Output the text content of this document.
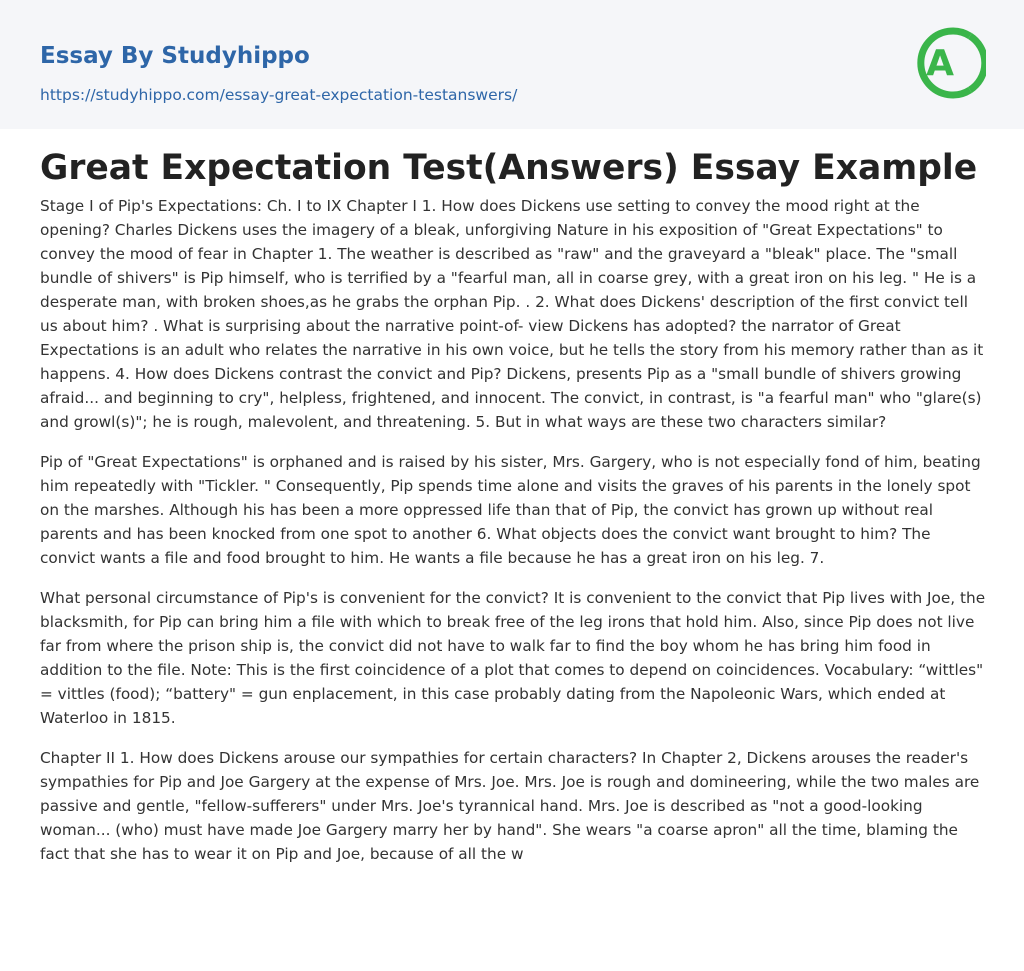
Essay By Studyhippo
https://studyhippo.com/essay-great-expectation-testanswers/
A
Great Expectation Test(Answers) Essay Example

Stage I of Pip's Expectations: Ch. I to IX Chapter I 1. How does Dickens use setting to convey the mood right at the opening? Charles Dickens uses the imagery of a bleak, unforgiving Nature in his exposition of "Great Expectations" to convey the mood of fear in Chapter 1. The weather is described as "raw" and the graveyard a "bleak" place. The "small bundle of shivers" is Pip himself, who is terrified by a "fearful man, all in coarse grey, with a great iron on his leg. " He is a desperate man, with broken shoes,as he grabs the orphan Pip. . 2. What does Dickens' description of the first convict tell us about him? . What is surprising about the narrative point-of- view Dickens has adopted? the narrator of Great Expectations is an adult who relates the narrative in his own voice, but he tells the story from his memory rather than as it happens. 4. How does Dickens contrast the convict and Pip? Dickens, presents Pip as a "small bundle of shivers growing afraid... and beginning to cry", helpless, frightened, and innocent. The convict, in contrast, is "a fearful man" who "glare(s) and growl(s)"; he is rough, malevolent, and threatening. 5. But in what ways are these two characters similar?

Pip of "Great Expectations" is orphaned and is raised by his sister, Mrs. Gargery, who is not especially fond of him, beating him repeatedly with "Tickler. " Consequently, Pip spends time alone and visits the graves of his parents in the lonely spot on the marshes. Although his has been a more oppressed life than that of Pip, the convict has grown up without real parents and has been knocked from one spot to another 6. What objects does the convict want brought to him? The convict wants a file and food brought to him. He wants a file because he has a great iron on his leg. 7.

What personal circumstance of Pip's is convenient for the convict? It is convenient to the convict that Pip lives with Joe, the blacksmith, for Pip can bring him a file with which to break free of the leg irons that hold him. Also, since Pip does not live far from where the prison ship is, the convict did not have to walk far to find the boy whom he has bring him food in addition to the file. Note: This is the first coincidence of a plot that comes to depend on coincidences. Vocabulary: “wittles" = vittles (food); “battery" = gun enplacement, in this case probably dating from the Napoleonic Wars, which ended at Waterloo in 1815.

Chapter II 1. How does Dickens arouse our sympathies for certain characters? In Chapter 2, Dickens arouses the reader's sympathies for Pip and Joe Gargery at the expense of Mrs. Joe. Mrs. Joe is rough and domineering, while the two males are passive and gentle, "fellow-sufferers" under Mrs. Joe's tyrannical hand. Mrs. Joe is described as "not a good-looking woman... (who) must have made Joe Gargery marry her by hand". She wears "a coarse apron" all the time, blaming the fact that she has to wear it on Pip and Joe, because of all the w
